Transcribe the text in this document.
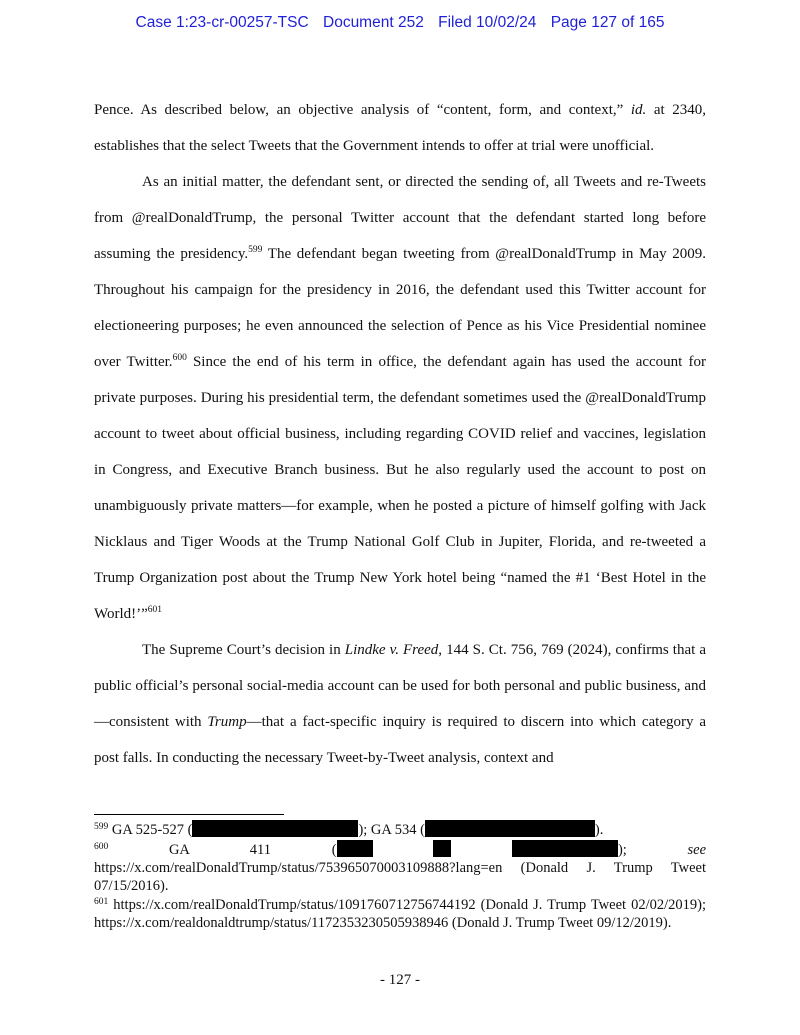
Case 1:23-cr-00257-TSC Document 252 Filed 10/02/24 Page 127 of 165

Pence. As described below, an objective analysis of “content, form, and context,” id. at 2340, establishes that the select Tweets that the Government intends to offer at trial were unofficial.

As an initial matter, the defendant sent, or directed the sending of, all Tweets and re-Tweets from @realDonaldTrump, the personal Twitter account that the defendant started long before assuming the presidency.$^{599}$ The defendant began tweeting from @realDonaldTrump in May 2009. Throughout his campaign for the presidency in 2016, the defendant used this Twitter account for electioneering purposes; he even announced the selection of Pence as his Vice Presidential nominee over Twitter.$^{600}$ Since the end of his term in office, the defendant again has used the account for private purposes. During his presidential term, the defendant sometimes used the @realDonaldTrump account to tweet about official business, including regarding COVID relief and vaccines, legislation in Congress, and Executive Branch business. But he also regularly used the account to post on unambiguously private matters—for example, when he posted a picture of himself golfing with Jack Nicklaus and Tiger Woods at the Trump National Golf Club in Jupiter, Florida, and re-tweeted a Trump Organization post about the Trump New York hotel being “named the #1 ‘Best Hotel in the World!’”$^{601}$

The Supreme Court’s decision in Lindke v. Freed, 144 S. Ct. 756, 769 (2024), confirms that a public official’s personal social-media account can be used for both personal and public business, and—consistent with Trump—that a fact-specific inquiry is required to discern into which category a post falls. In conducting the necessary Tweet-by-Tweet analysis, context and

$^{599}$ GA 525-527 (	); GA 534 (	).

$^{600}$ GA 411 (	); see https://x.com/realDonaldTrump/status/753965070003109888?lang=en (Donald J. Trump Tweet 07/15/2016).

$^{601}$ https://x.com/realDonaldTrump/status/1091760712756744192 (Donald J. Trump Tweet 02/02/2019); https://x.com/realdonaldtrump/status/1172353230505938946 (Donald J. Trump Tweet 09/12/2019).

- 127 -
